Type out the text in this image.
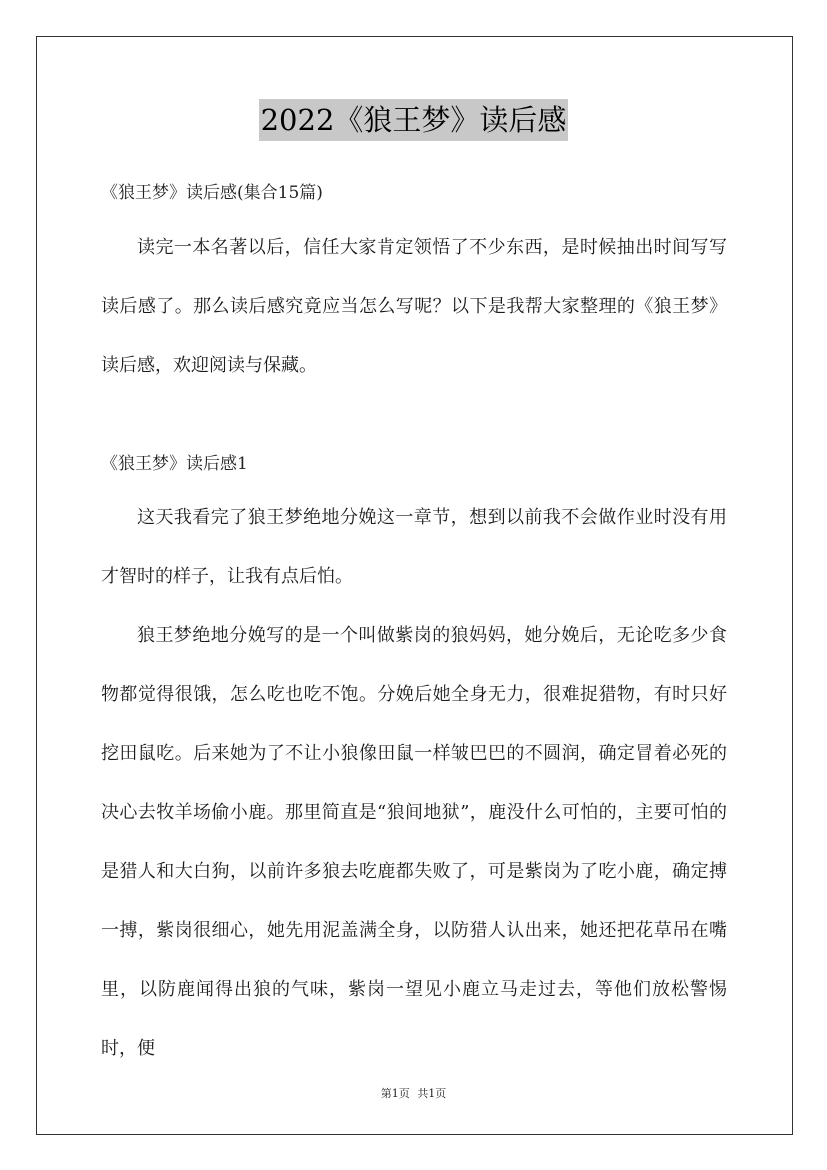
2022《狼王梦》读后感
《狼王梦》读后感(集合15篇)

读完一本名著以后，信任大家肯定领悟了不少东西，是时候抽出时间写写读后感了。那么读后感究竟应当怎么写呢？以下是我帮大家整理的《狼王梦》读后感，欢迎阅读与保藏。

《狼王梦》读后感1

这天我看完了狼王梦绝地分娩这一章节，想到以前我不会做作业时没有用才智时的样子，让我有点后怕。

狼王梦绝地分娩写的是一个叫做紫岗的狼妈妈，她分娩后，无论吃多少食物都觉得很饿，怎么吃也吃不饱。分娩后她全身无力，很难捉猎物，有时只好挖田鼠吃。后来她为了不让小狼像田鼠一样皱巴巴的不圆润，确定冒着必死的决心去牧羊场偷小鹿。那里简直是“狼间地狱”，鹿没什么可怕的，主要可怕的是猎人和大白狗，以前许多狼去吃鹿都失败了，可是紫岗为了吃小鹿，确定搏一搏，紫岗很细心，她先用泥盖满全身，以防猎人认出来，她还把花草吊在嘴里，以防鹿闻得出狼的气味，紫岗一望见小鹿立马走过去，等他们放松警惕时，便

第1页 共1页
